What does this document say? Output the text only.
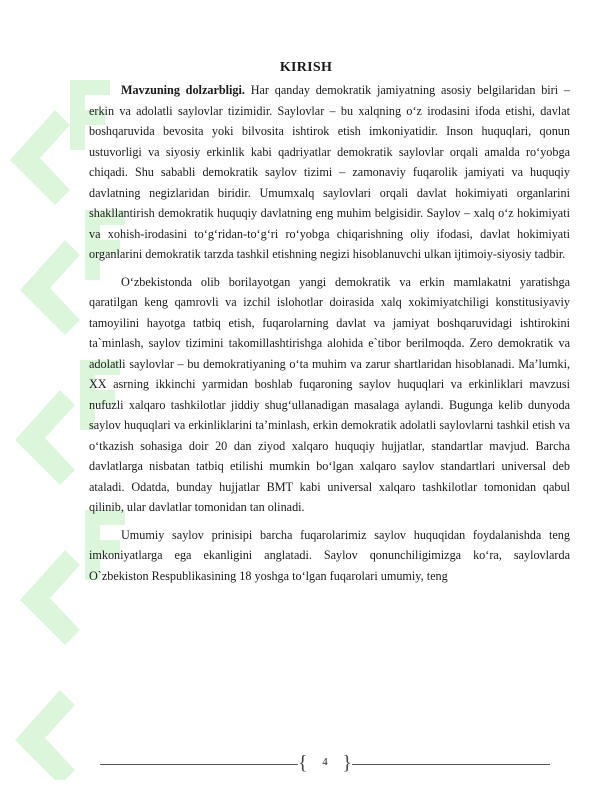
KIRISH

Mavzuning dolzarbligi. Har qanday demokratik jamiyatning asosiy belgilaridan biri – erkin va adolatli saylovlar tizimidir. Saylovlar – bu xalqning o‘z irodasini ifoda etishi, davlat boshqaruvida bevosita yoki bilvosita ishtirok etish imkoniyatidir. Inson huquqlari, qonun ustuvorligi va siyosiy erkinlik kabi qadriyatlar demokratik saylovlar orqali amalda ro‘yobga chiqadi. Shu sababli demokratik saylov tizimi – zamonaviy fuqarolik jamiyati va huquqiy davlatning negizlaridan biridir. Umumxalq saylovlari orqali davlat hokimiyati organlarini shakllantirish demokratik huquqiy davlatning eng muhim belgisidir. Saylov – xalq o‘z hokimiyati va xohish-irodasini to‘g‘ridan-to‘g‘ri ro‘yobga chiqarishning oliy ifodasi, davlat hokimiyati organlarini demokratik tarzda tashkil etishning negizi hisoblanuvchi ulkan ijtimoiy-siyosiy tadbir.

O‘zbekistonda olib borilayotgan yangi demokratik va erkin mamlakatni yaratishga qaratilgan keng qamrovli va izchil islohotlar doirasida xalq xokimiyatchiligi konstitusiyaviy tamoyilini hayotga tatbiq etish, fuqarolarning davlat va jamiyat boshqaruvidagi ishtirokini ta`minlash, saylov tizimini takomillashtirishga alohida e`tibor berilmoqda. Zero demokratik va adolatli saylovlar – bu demokratiyaning o‘ta muhim va zarur shartlaridan hisoblanadi. Ma’lumki, XX asrning ikkinchi yarmidan boshlab fuqaroning saylov huquqlari va erkinliklari mavzusi nufuzli xalqaro tashkilotlar jiddiy shug‘ullanadigan masalaga aylandi. Bugunga kelib dunyoda saylov huquqlari va erkinliklarini ta’minlash, erkin demokratik adolatli saylovlarni tashkil etish va o‘tkazish sohasiga doir 20 dan ziyod xalqaro huquqiy hujjatlar, standartlar mavjud. Barcha davlatlarga nisbatan tatbiq etilishi mumkin bo‘lgan xalqaro saylov standartlari universal deb ataladi. Odatda, bunday hujjatlar BMT kabi universal xalqaro tashkilotlar tomonidan qabul qilinib, ular davlatlar tomonidan tan olinadi.

Umumiy saylov prinisipi barcha fuqarolarimiz saylov huquqidan foydalanishda teng imkoniyatlarga ega ekanligini anglatadi. Saylov qonunchiligimizga ko‘ra, saylovlarda O`zbekiston Respublikasining 18 yoshga to‘lgan fuqarolari umumiy, teng

{	4 }
